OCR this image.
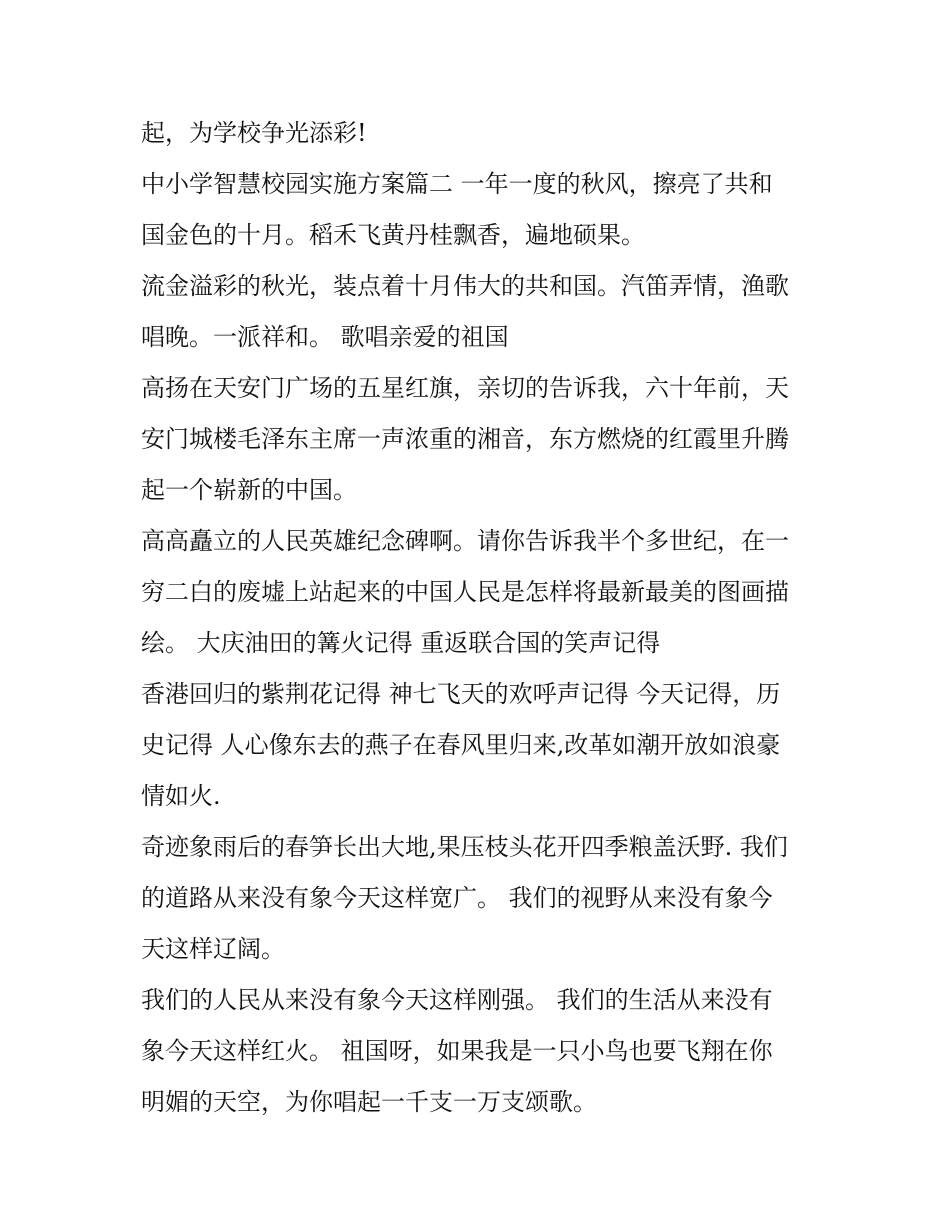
起，为学校争光添彩!
中小学智慧校园实施方案篇二 一年一度的秋风，擦亮了共和
国金色的十月。稻禾飞黄丹桂飘香，遍地硕果。
流金溢彩的秋光，装点着十月伟大的共和国。汽笛弄情，渔歌
唱晚。一派祥和。 歌唱亲爱的祖国
高扬在天安门广场的五星红旗，亲切的告诉我，六十年前，天
安门城楼毛泽东主席一声浓重的湘音，东方燃烧的红霞里升腾
起一个崭新的中国。
高高矗立的人民英雄纪念碑啊。请你告诉我半个多世纪，在一
穷二白的废墟上站起来的中国人民是怎样将最新最美的图画描
绘。 大庆油田的篝火记得 重返联合国的笑声记得
香港回归的紫荆花记得 神七飞天的欢呼声记得 今天记得，历
史记得 人心像东去的燕子在春风里归来,改革如潮开放如浪豪
情如火.
奇迹象雨后的春笋长出大地,果压枝头花开四季粮盖沃野. 我们
的道路从来没有象今天这样宽广。 我们的视野从来没有象今
天这样辽阔。
我们的人民从来没有象今天这样刚强。 我们的生活从来没有
象今天这样红火。 祖国呀，如果我是一只小鸟也要飞翔在你
明媚的天空，为你唱起一千支一万支颂歌。
